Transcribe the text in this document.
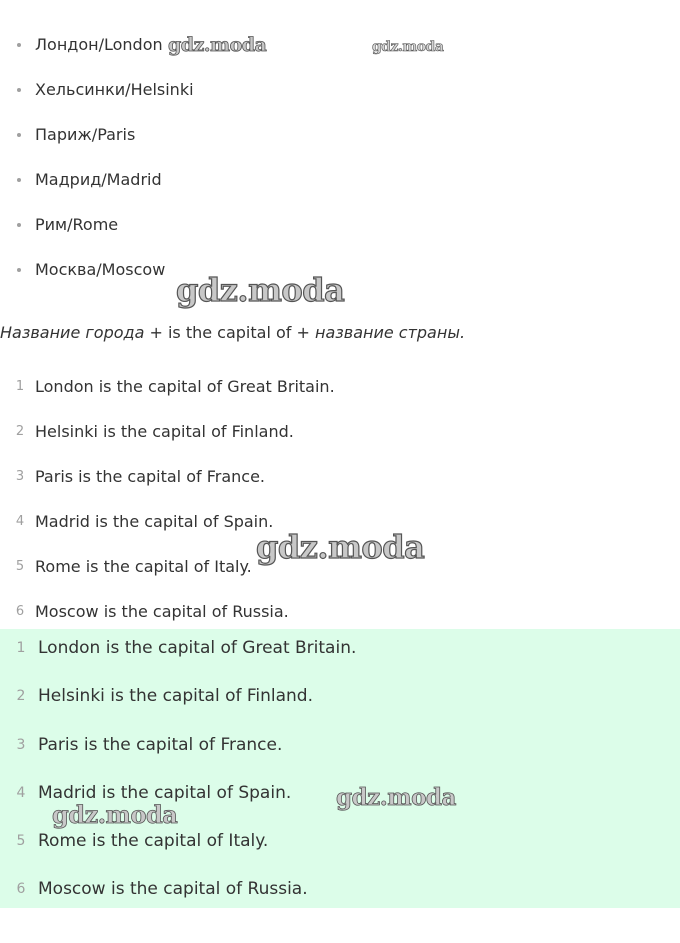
Лондон/London
Хельсинки/Helsinki
Париж/Paris
Мадрид/Madrid
Рим/Rome
Москва/Moscow
Название города + is the capital of + название страны.
1 London is the capital of Great Britain.
2 Helsinki is the capital of Finland.
3 Paris is the capital of France.
4 Madrid is the capital of Spain.
5 Rome is the capital of Italy.
6 Moscow is the capital of Russia.
1 London is the capital of Great Britain.
2 Helsinki is the capital of Finland.
3 Paris is the capital of France.
4 Madrid is the capital of Spain.
5 Rome is the capital of Italy.
6 Moscow is the capital of Russia.
gdz.moda	gdz.moda
gdz.moda
gdz.moda
gdz.moda
gdz.moda
